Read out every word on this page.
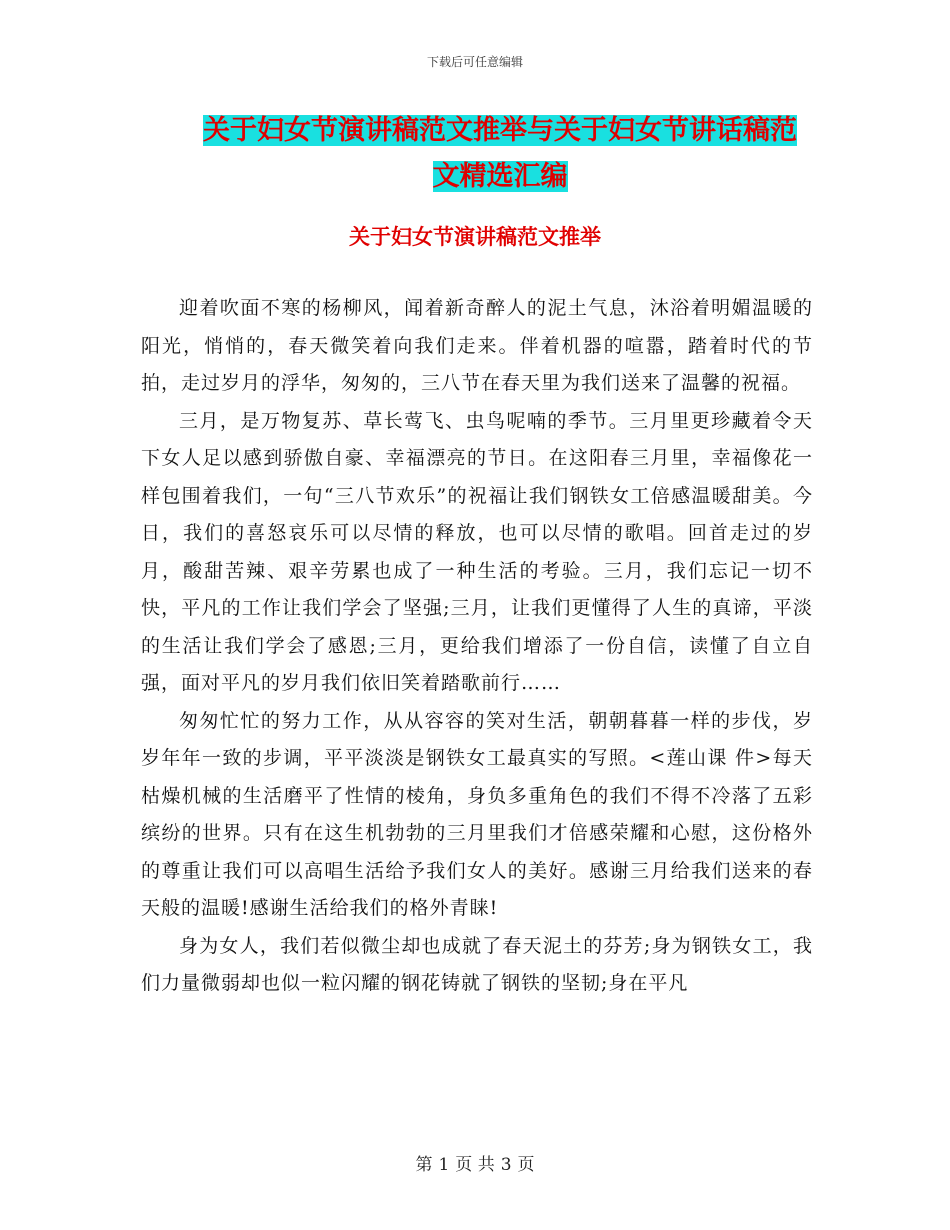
下载后可任意编辑
关于妇女节演讲稿范文推举与关于妇女节讲话稿范文精选汇编
关于妇女节演讲稿范文推举

迎着吹面不寒的杨柳风，闻着新奇醉人的泥土气息，沐浴着明媚温暖的阳光，悄悄的，春天微笑着向我们走来。伴着机器的喧嚣，踏着时代的节拍，走过岁月的浮华，匆匆的，三八节在春天里为我们送来了温馨的祝福。

三月，是万物复苏、草长莺飞、虫鸟呢喃的季节。三月里更珍藏着令天下女人足以感到骄傲自豪、幸福漂亮的节日。在这阳春三月里，幸福像花一样包围着我们，一句“三八节欢乐”的祝福让我们钢铁女工倍感温暖甜美。今日，我们的喜怒哀乐可以尽情的释放，也可以尽情的歌唱。回首走过的岁月，酸甜苦辣、艰辛劳累也成了一种生活的考验。三月，我们忘记一切不快，平凡的工作让我们学会了坚强;三月，让我们更懂得了人生的真谛，平淡的生活让我们学会了感恩;三月，更给我们增添了一份自信，读懂了自立自强，面对平凡的岁月我们依旧笑着踏歌前行……

匆匆忙忙的努力工作，从从容容的笑对生活，朝朝暮暮一样的步伐，岁岁年年一致的步调，平平淡淡是钢铁女工最真实的写照。<莲山课 件>每天枯燥机械的生活磨平了性情的棱角，身负多重角色的我们不得不冷落了五彩缤纷的世界。只有在这生机勃勃的三月里我们才倍感荣耀和心慰，这份格外的尊重让我们可以高唱生活给予我们女人的美好。感谢三月给我们送来的春天般的温暖!感谢生活给我们的格外青睐!

身为女人，我们若似微尘却也成就了春天泥土的芬芳;身为钢铁女工，我们力量微弱却也似一粒闪耀的钢花铸就了钢铁的坚韧;身在平凡

第 1 页 共 3 页
